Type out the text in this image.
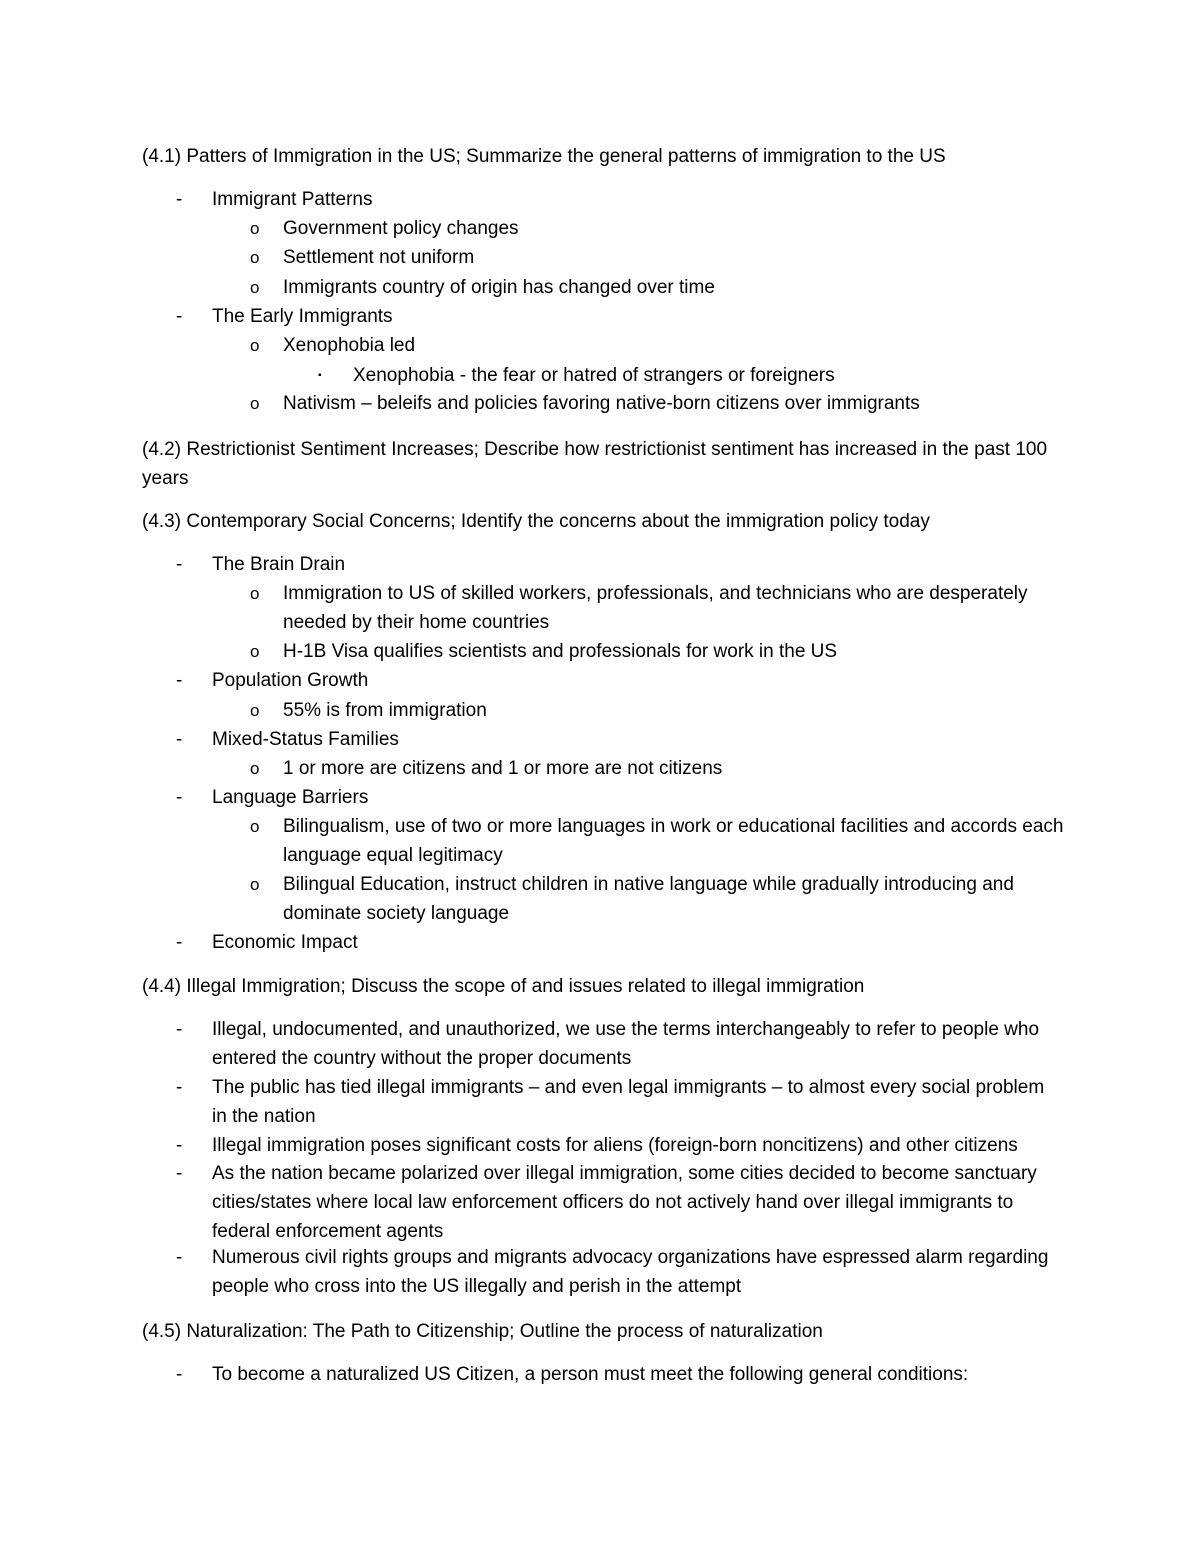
(4.1) Patters of Immigration in the US; Summarize the general patterns of immigration to the US
- Immigrant Patterns
o Government policy changes
o Settlement not uniform
o Immigrants country of origin has changed over time
- The Early Immigrants
o Xenophobia led
▪ Xenophobia - the fear or hatred of strangers or foreigners
o Nativism – beleifs and policies favoring native-born citizens over immigrants
(4.2) Restrictionist Sentiment Increases; Describe how restrictionist sentiment has increased in the past 100 years
(4.3) Contemporary Social Concerns; Identify the concerns about the immigration policy today
- The Brain Drain
o Immigration to US of skilled workers, professionals, and technicians who are desperately needed by their home countries
o H-1B Visa qualifies scientists and professionals for work in the US
- Population Growth
o 55% is from immigration
- Mixed-Status Families
o 1 or more are citizens and 1 or more are not citizens
- Language Barriers
o Bilingualism, use of two or more languages in work or educational facilities and accords each language equal legitimacy
o Bilingual Education, instruct children in native language while gradually introducing and dominate society language
- Economic Impact
(4.4) Illegal Immigration; Discuss the scope of and issues related to illegal immigration
- Illegal, undocumented, and unauthorized, we use the terms interchangeably to refer to people who entered the country without the proper documents
- The public has tied illegal immigrants – and even legal immigrants – to almost every social problem in the nation
- Illegal immigration poses significant costs for aliens (foreign-born noncitizens) and other citizens
- As the nation became polarized over illegal immigration, some cities decided to become sanctuary cities/states where local law enforcement officers do not actively hand over illegal immigrants to federal enforcement agents
- Numerous civil rights groups and migrants advocacy organizations have espressed alarm regarding people who cross into the US illegally and perish in the attempt
(4.5) Naturalization: The Path to Citizenship; Outline the process of naturalization
- To become a naturalized US Citizen, a person must meet the following general conditions:
